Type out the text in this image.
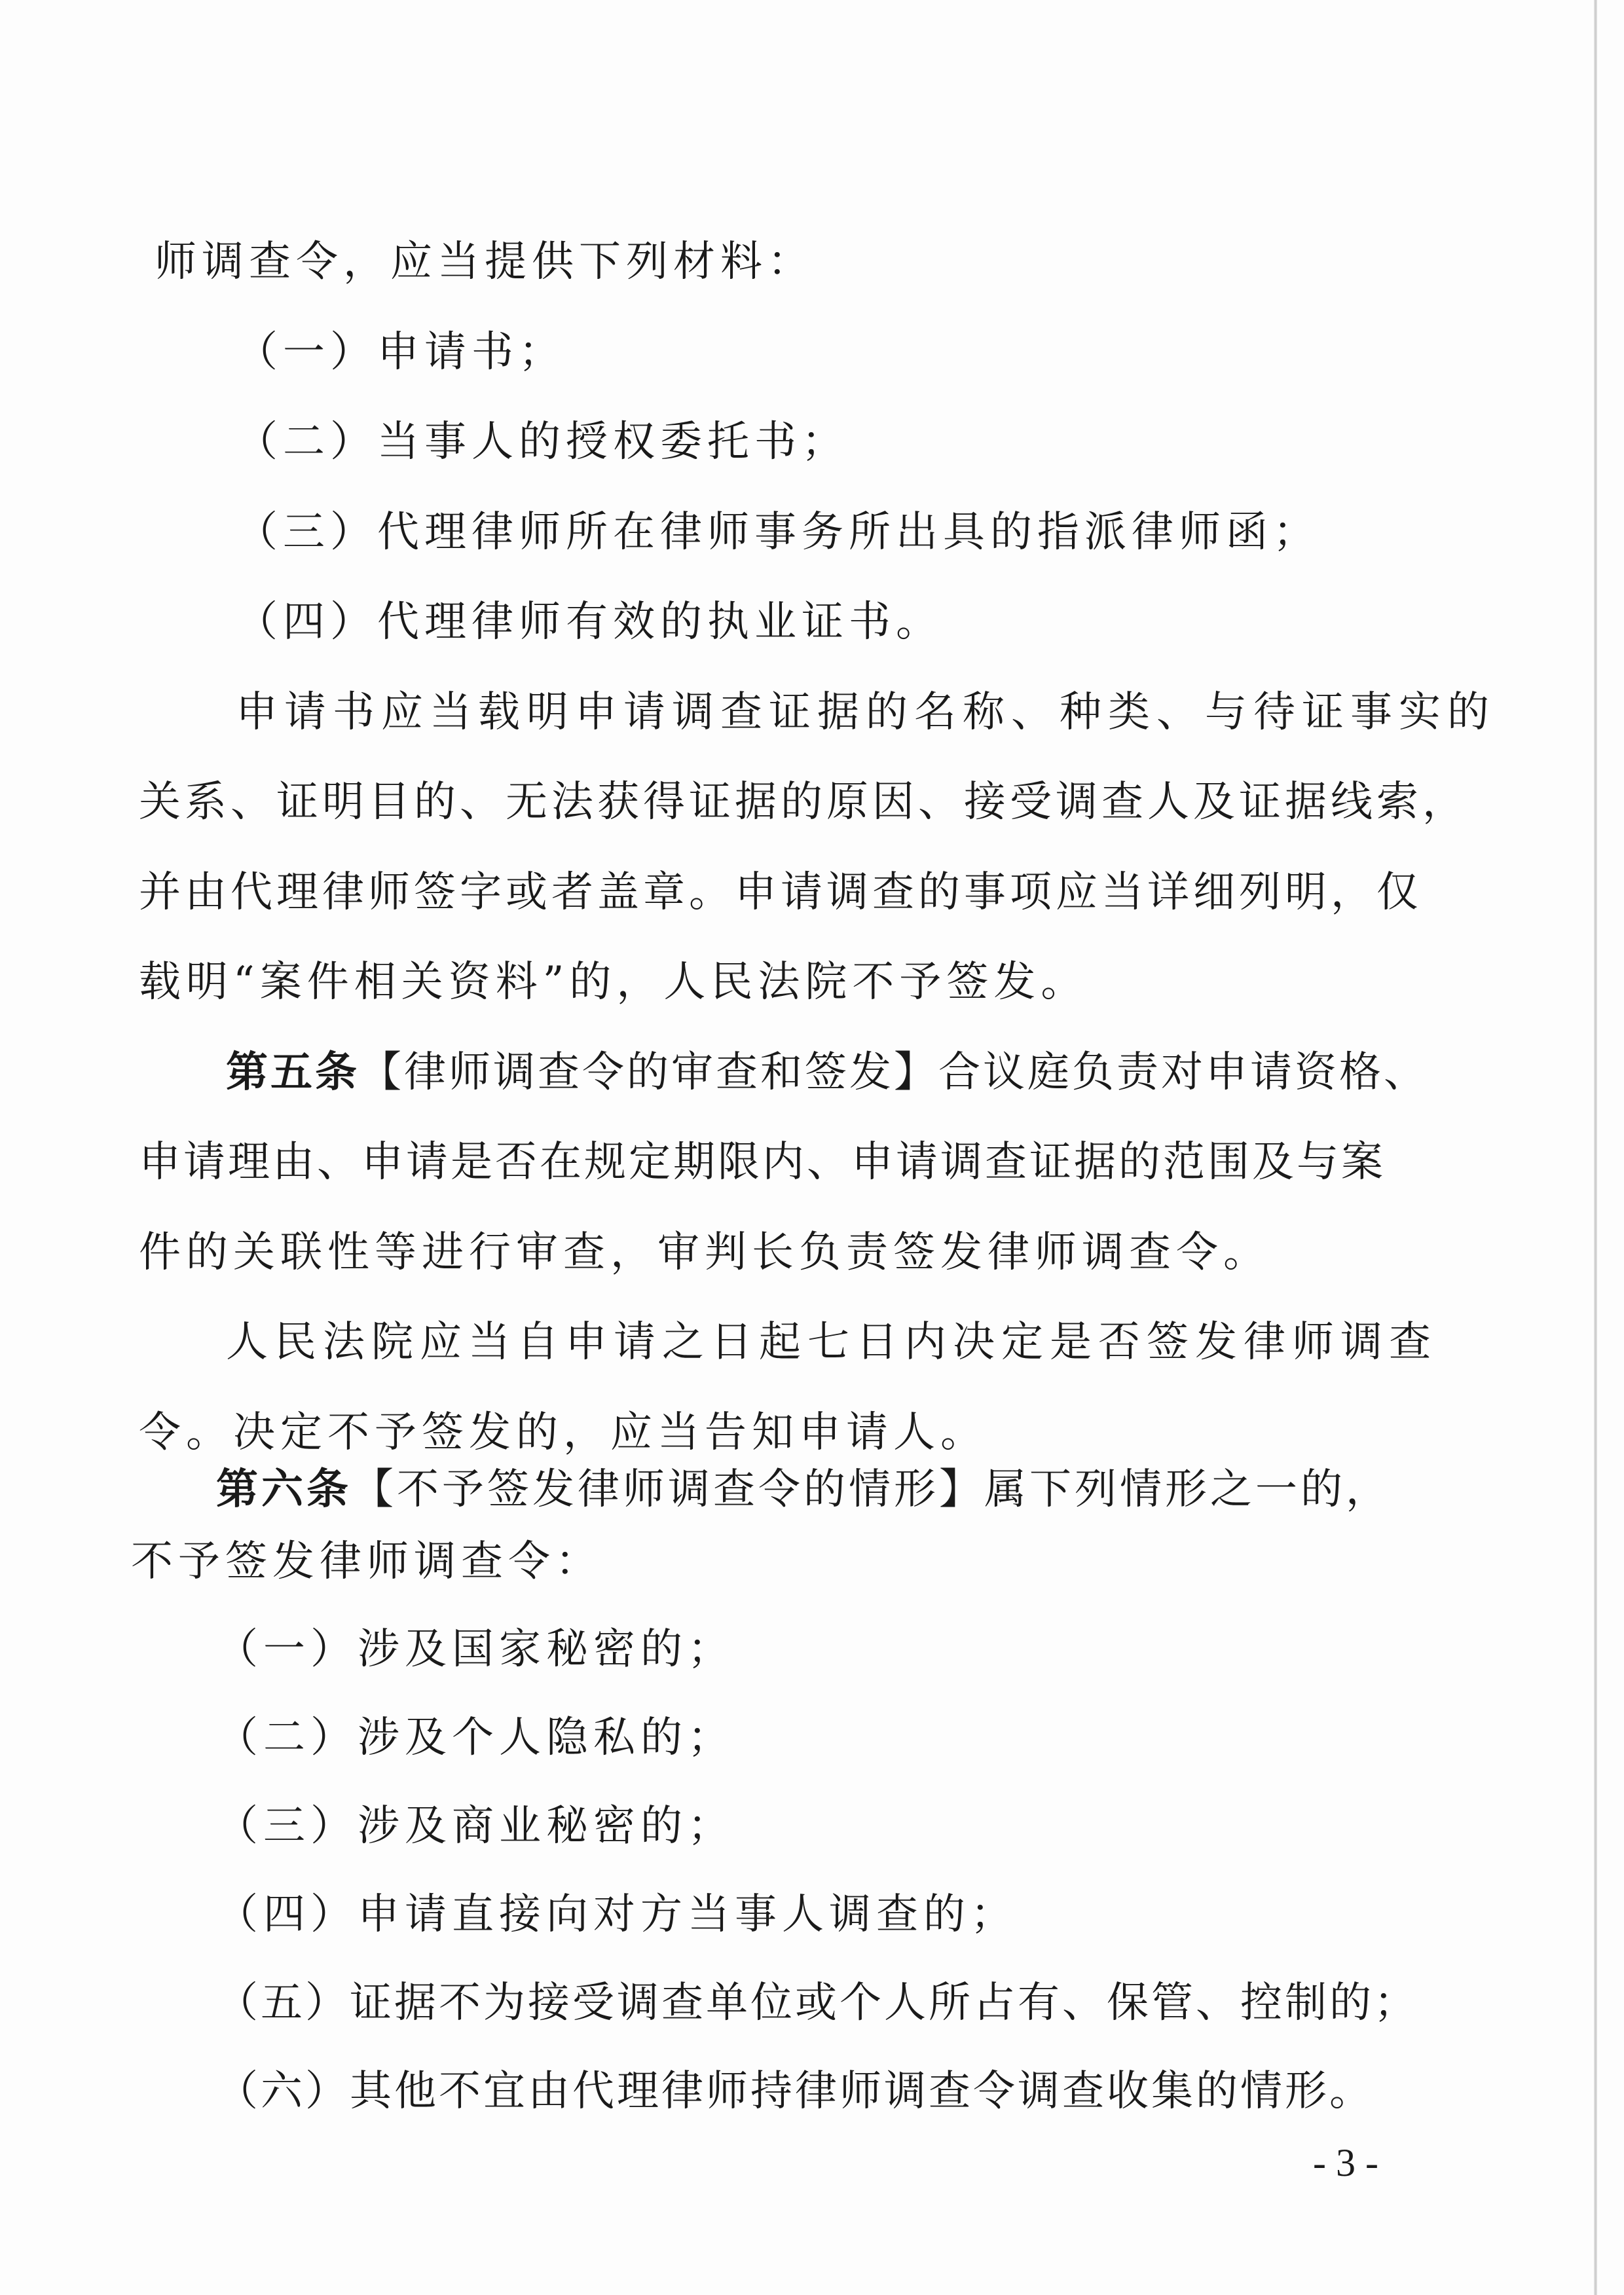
师调查令，应当提供下列材料：
（一）申请书；
（二）当事人的授权委托书；
（三）代理律师所在律师事务所出具的指派律师函；
（四）代理律师有效的执业证书。
申请书应当载明申请调查证据的名称、种类、与待证事实的
关系、证明目的、无法获得证据的原因、接受调查人及证据线索，
并由代理律师签字或者盖章。申请调查的事项应当详细列明，仅
载明“案件相关资料”的，人民法院不予签发。
第五条【律师调查令的审查和签发】合议庭负责对申请资格、
申请理由、申请是否在规定期限内、申请调查证据的范围及与案
件的关联性等进行审查，审判长负责签发律师调查令。
人民法院应当自申请之日起七日内决定是否签发律师调查
令。决定不予签发的，应当告知申请人。
第六条【不予签发律师调查令的情形】属下列情形之一的，
不予签发律师调查令：
（一）涉及国家秘密的；
（二）涉及个人隐私的；
（三）涉及商业秘密的；
（四）申请直接向对方当事人调查的；
（五）证据不为接受调查单位或个人所占有、保管、控制的；
（六）其他不宜由代理律师持律师调查令调查收集的情形。
- 3 -
